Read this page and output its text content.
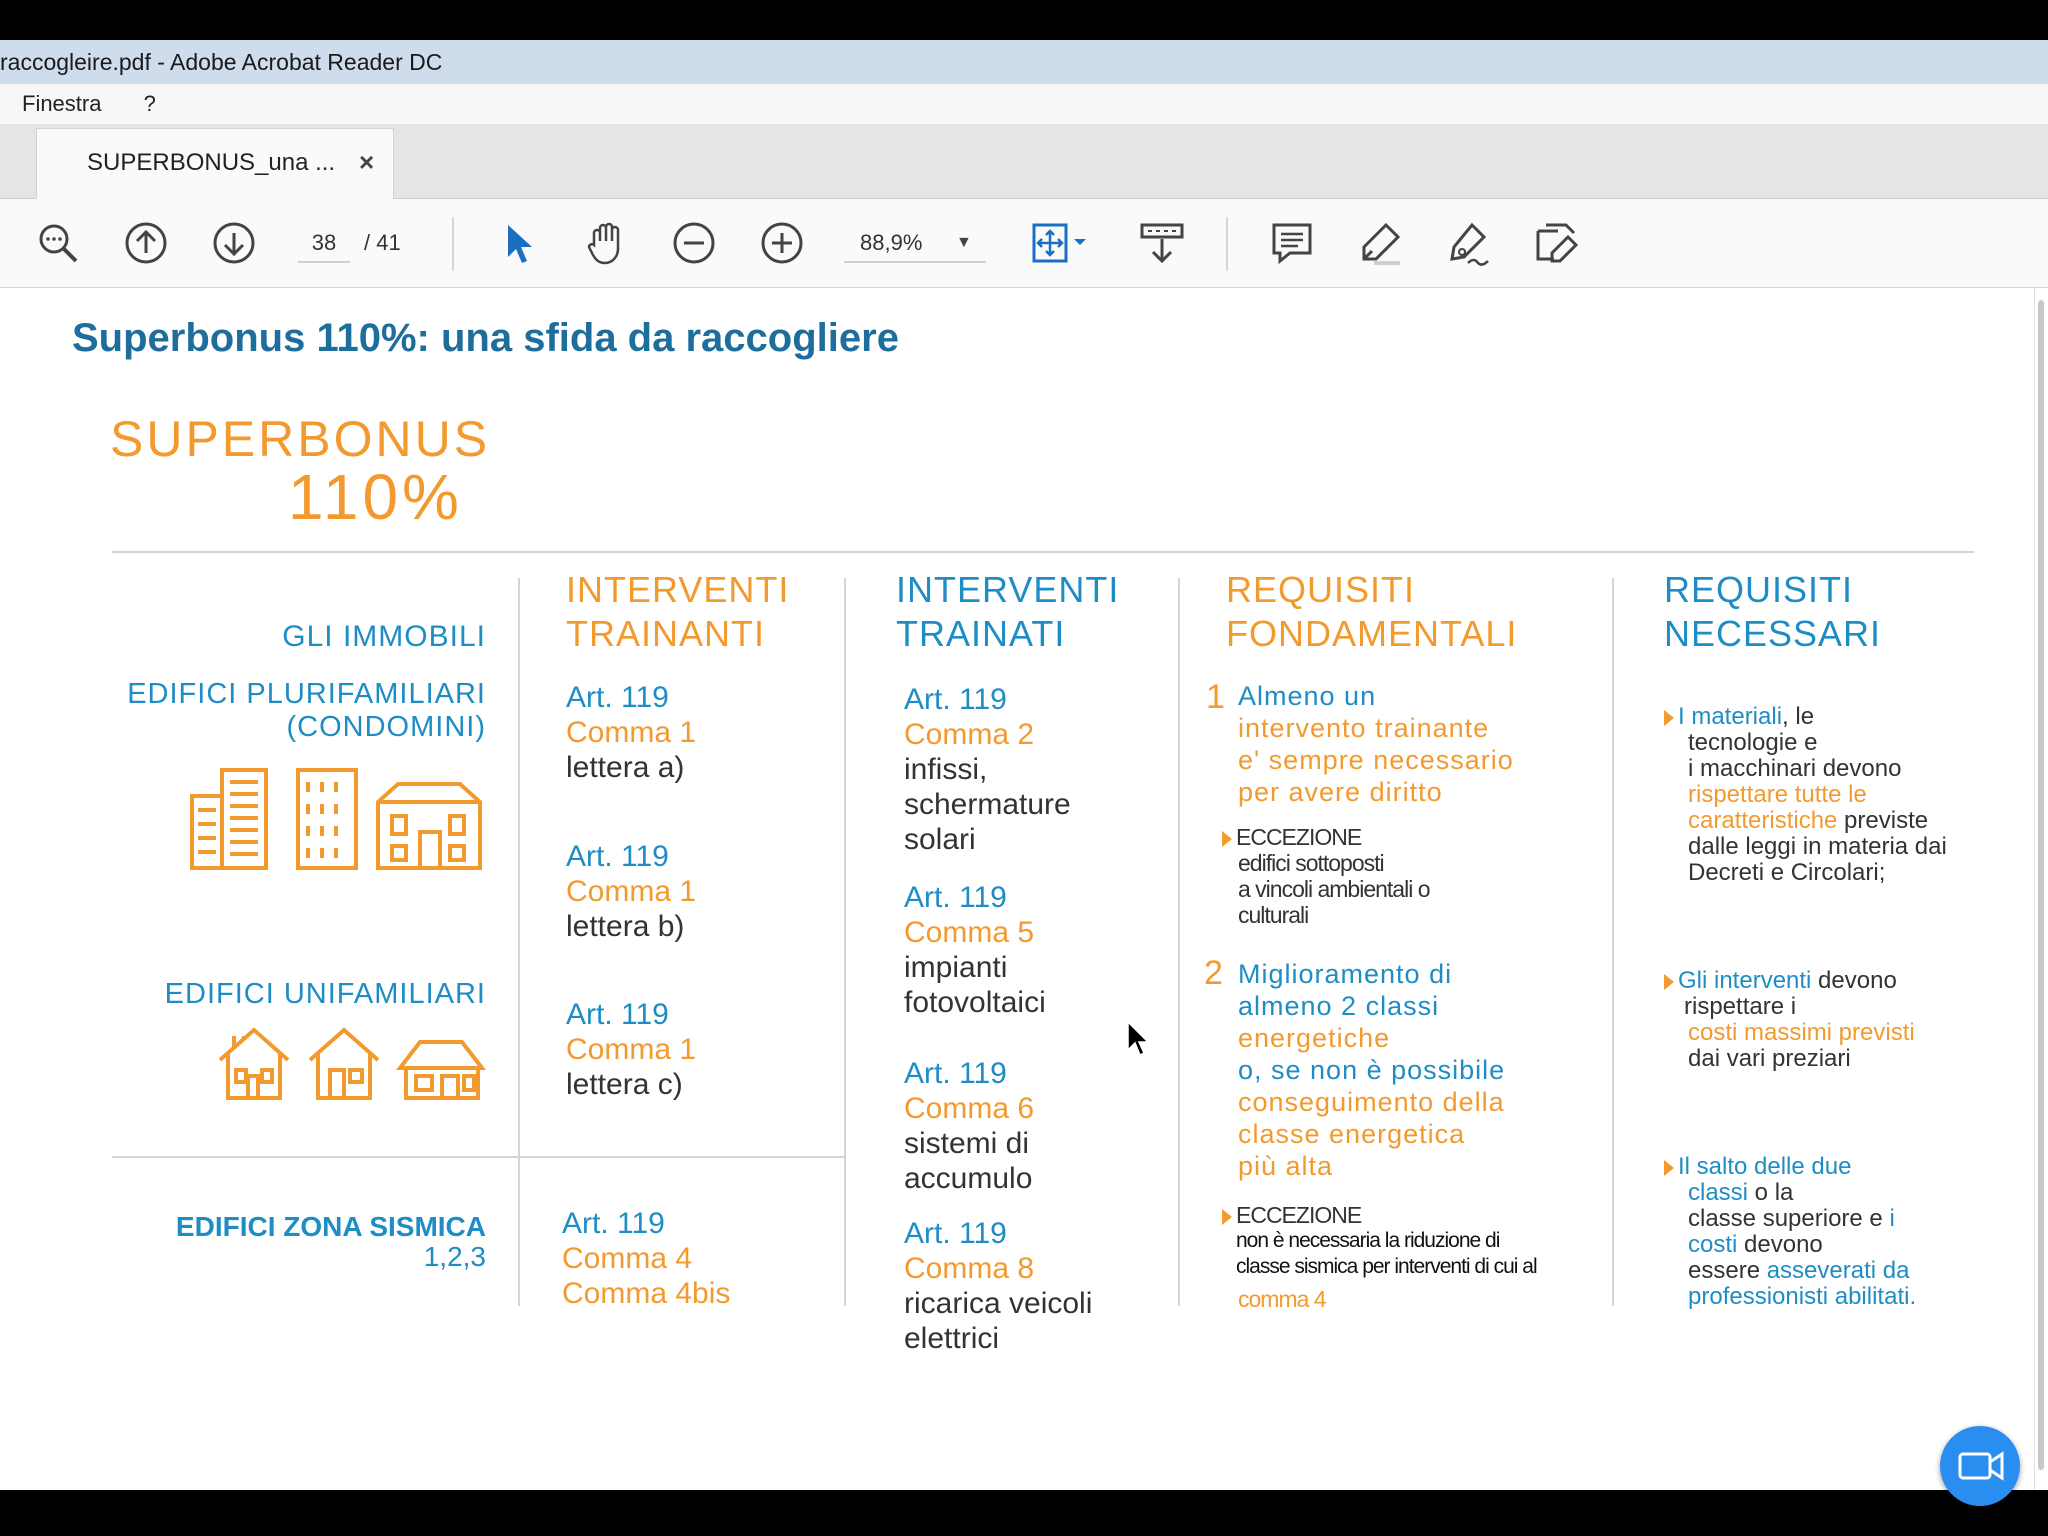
raccogleire.pdf - Adobe Acrobat Reader DC
Finestra ?
SUPERBONUS_una ... ×
38	/ 41	88,9% ▼
Superbonus 110%: una sfida da raccogliere
SUPERBONUS
110%
GLI IMMOBILI
EDIFICI PLURIFAMILIARI
(CONDOMINI)
EDIFICI UNIFAMILIARI
EDIFICI ZONA SISMICA
1,2,3
INTERVENTI
TRAINANTI
Art. 119
Comma 1
lettera a)
Art. 119
Comma 1
lettera b)
Art. 119
Comma 1
lettera c)
Art. 119
Comma 4
Comma 4bis
INTERVENTI
TRAINATI
Art. 119
Comma 2
infissi,
schermature
solari
Art. 119
Comma 5
impianti
fotovoltaici
Art. 119
Comma 6
sistemi di
accumulo
Art. 119
Comma 8
ricarica veicoli
elettrici
REQUISITI
FONDAMENTALI
1 Almeno un
intervento trainante
e' sempre necessario
per avere diritto
ECCEZIONE
edifici sottoposti
a vincoli ambientali o
culturali
2 Miglioramento di
almeno 2 classi
energetiche
o, se non è possibile
conseguimento della
classe energetica
più alta
ECCEZIONE
non è necessaria la riduzione di
classe sismica per interventi di cui al
comma 4
REQUISITI
NECESSARI
I materiali, le
tecnologie e
i macchinari devono
rispettare tutte le
caratteristiche previste
dalle leggi in materia dai
Decreti e Circolari;
Gli interventi devono
rispettare i
costi massimi previsti
dai vari preziari
Il salto delle due
classi o la
classe superiore e i
costi devono
essere asseverati da
professionisti abilitati.
